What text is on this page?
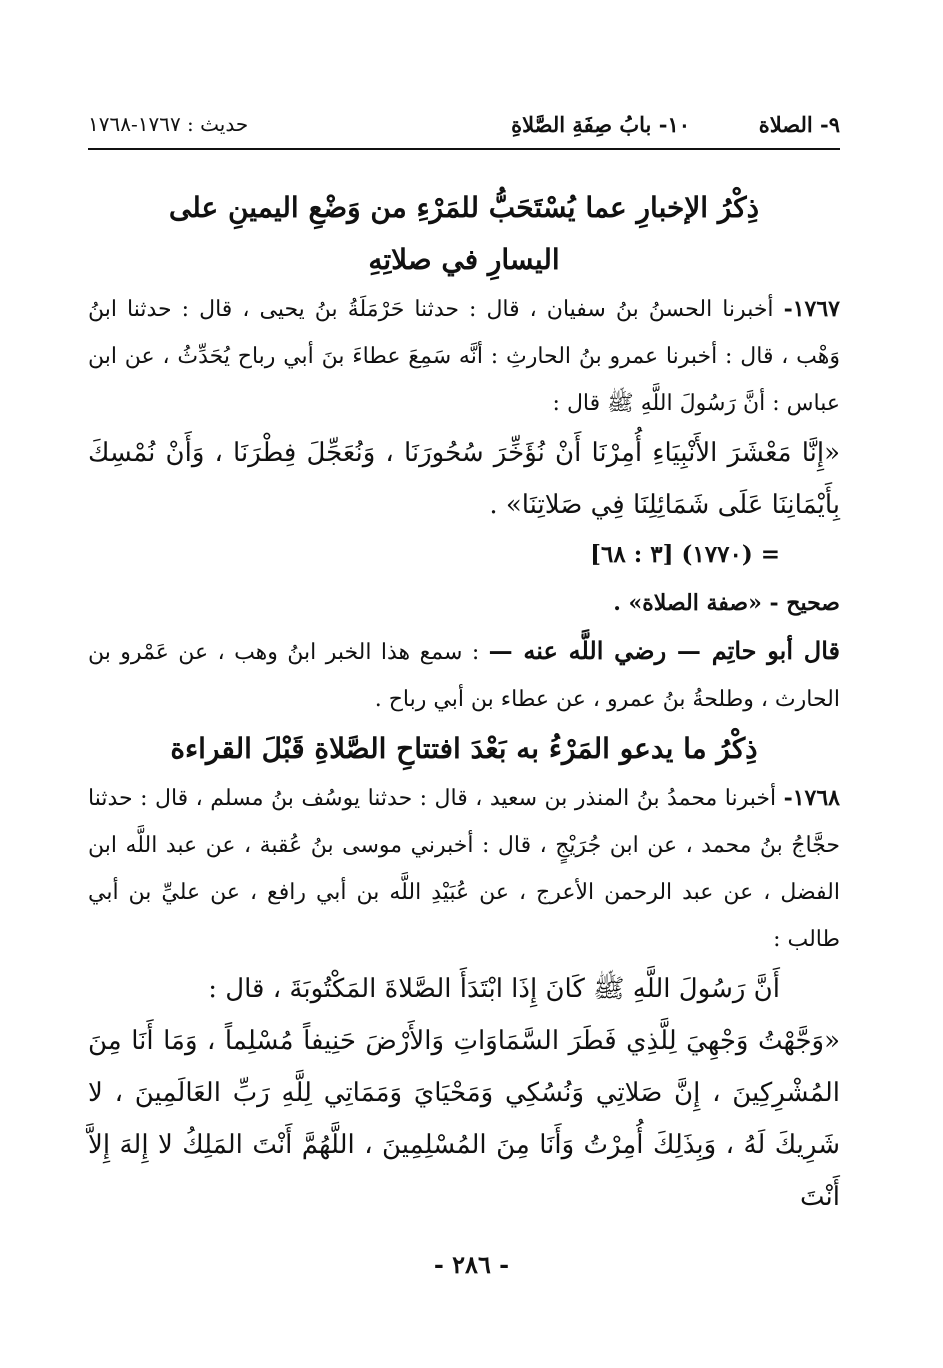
٩- الصلاة
١٠- بابُ صِفَةِ الصَّلاةِ
حديث : ١٧٦٧-١٧٦٨

ذِكْرُ الإخبارِ عما يُسْتَحَبُّ للمَرْءِ من وَضْعِ اليمينِ على
اليسارِ في صلاتِهِ

١٧٦٧- أخبرنا الحسنُ بنُ سفيان ، قال : حدثنا حَرْمَلَةُ بنُ يحيى ، قال : حدثنا ابنُ وَهْب ، قال : أخبرنا عمرو بنُ الحارثِ : أنَّه سَمِعَ عطاءَ بنَ أبي رباح يُحَدِّثُ ، عن ابن عباس : أنَّ رَسُولَ اللَّهِ ﷺ قال :

«إِنَّا مَعْشَرَ الأَنْبِيَاءِ أُمِرْنَا أَنْ نُؤَخِّرَ سُحُورَنَا ، وَنُعَجِّلَ فِطْرَنَا ، وَأَنْ نُمْسِكَ بِأَيْمَانِنَا عَلَى شَمَائِلِنَا فِي صَلاتِنَا» .

= (١٧٧٠) [٣ : ٦٨]

صحيح - «صفة الصلاة» .

قال أبو حاتِم — رضي اللَّه عنه — : سمع هذا الخبر ابنُ وهب ، عن عَمْرو بن الحارث ، وطلحةُ بنُ عمرو ، عن عطاء بن أبي رباح .

ذِكْرُ ما يدعو المَرْءُ به بَعْدَ افتتاحِ الصَّلاةِ قَبْلَ القراءة

١٧٦٨- أخبرنا محمدُ بنُ المنذر بن سعيد ، قال : حدثنا يوسُف بنُ مسلم ، قال : حدثنا حجَّاجُ بنُ محمد ، عن ابن جُرَيْجٍ ، قال : أخبرني موسى بنُ عُقبة ، عن عبد اللَّه ابن الفضل ، عن عبد الرحمن الأعرج ، عن عُبَيْدِ اللَّه بن أبي رافع ، عن عليِّ بن أبي طالب :

أَنَّ رَسُولَ اللَّهِ ﷺ كَانَ إِذَا ابْتَدَأَ الصَّلاةَ المَكْتُوبَةَ ، قال :

«وَجَّهْتُ وَجْهِيَ لِلَّذِي فَطَرَ السَّمَاوَاتِ وَالأَرْضَ حَنِيفاً مُسْلِماً ، وَمَا أَنَا مِنَ المُشْرِكِينَ ، إِنَّ صَلاتِي وَنُسُكِي وَمَحْيَايَ وَمَمَاتِي لِلَّهِ رَبِّ العَالَمِينَ ، لا شَرِيكَ لَهُ ، وَبِذَلِكَ أُمِرْتُ وَأَنَا مِنَ المُسْلِمِينَ ، اللَّهُمَّ أَنْتَ المَلِكُ لا إِلهَ إِلاَّ أَنْتَ

- ٢٨٦ -
